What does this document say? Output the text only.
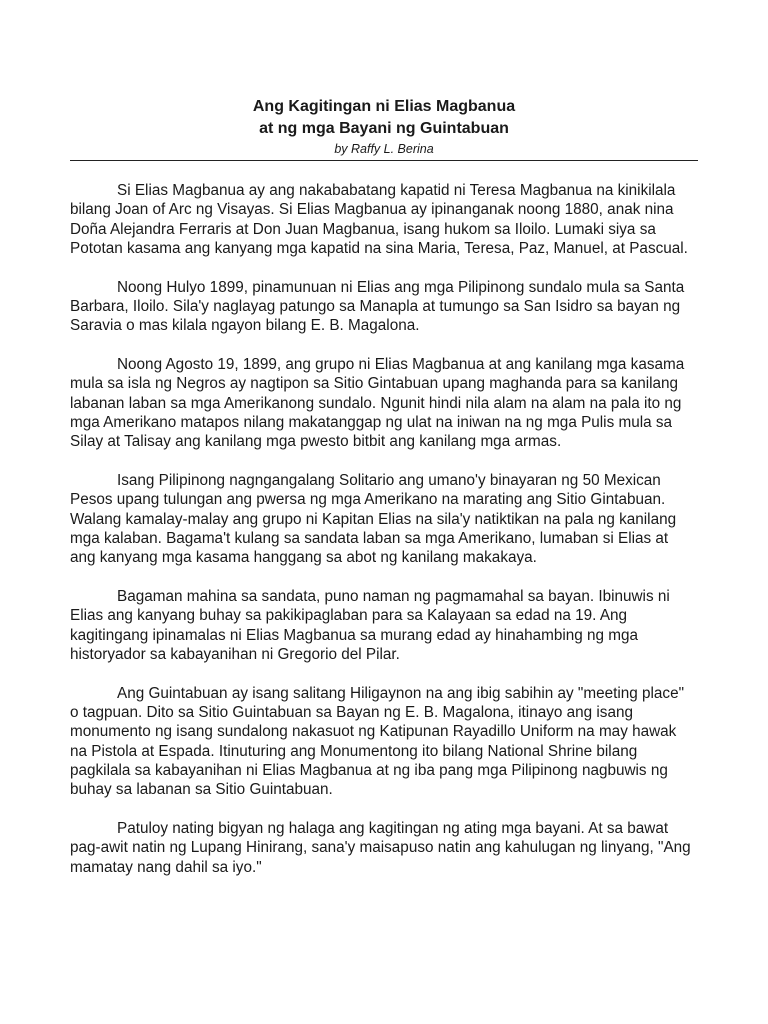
Ang Kagitingan ni Elias Magbanua
at ng mga Bayani ng Guintabuan

by Raffy L. Berina

Si Elias Magbanua ay ang nakababatang kapatid ni Teresa Magbanua na kinikilala
bilang Joan of Arc ng Visayas. Si Elias Magbanua ay ipinanganak noong 1880, anak nina
Doña Alejandra Ferraris at Don Juan Magbanua, isang hukom sa Iloilo. Lumaki siya sa
Pototan kasama ang kanyang mga kapatid na sina Maria, Teresa, Paz, Manuel, at Pascual.

Noong Hulyo 1899, pinamunuan ni Elias ang mga Pilipinong sundalo mula sa Santa
Barbara, Iloilo. Sila'y naglayag patungo sa Manapla at tumungo sa San Isidro sa bayan ng
Saravia o mas kilala ngayon bilang E. B. Magalona.

Noong Agosto 19, 1899, ang grupo ni Elias Magbanua at ang kanilang mga kasama
mula sa isla ng Negros ay nagtipon sa Sitio Gintabuan upang maghanda para sa kanilang
labanan laban sa mga Amerikanong sundalo. Ngunit hindi nila alam na alam na pala ito ng
mga Amerikano matapos nilang makatanggap ng ulat na iniwan na ng mga Pulis mula sa
Silay at Talisay ang kanilang mga pwesto bitbit ang kanilang mga armas.

Isang Pilipinong nagngangalang Solitario ang umano'y binayaran ng 50 Mexican
Pesos upang tulungan ang pwersa ng mga Amerikano na marating ang Sitio Gintabuan.
Walang kamalay-malay ang grupo ni Kapitan Elias na sila'y natiktikan na pala ng kanilang
mga kalaban. Bagama't kulang sa sandata laban sa mga Amerikano, lumaban si Elias at
ang kanyang mga kasama hanggang sa abot ng kanilang makakaya.

Bagaman mahina sa sandata, puno naman ng pagmamahal sa bayan. Ibinuwis ni
Elias ang kanyang buhay sa pakikipaglaban para sa Kalayaan sa edad na 19. Ang
kagitingang ipinamalas ni Elias Magbanua sa murang edad ay hinahambing ng mga
historyador sa kabayanihan ni Gregorio del Pilar.

Ang Guintabuan ay isang salitang Hiligaynon na ang ibig sabihin ay "meeting place"
o tagpuan. Dito sa Sitio Guintabuan sa Bayan ng E. B. Magalona, itinayo ang isang
monumento ng isang sundalong nakasuot ng Katipunan Rayadillo Uniform na may hawak
na Pistola at Espada. Itinuturing ang Monumentong ito bilang National Shrine bilang
pagkilala sa kabayanihan ni Elias Magbanua at ng iba pang mga Pilipinong nagbuwis ng
buhay sa labanan sa Sitio Guintabuan.

Patuloy nating bigyan ng halaga ang kagitingan ng ating mga bayani. At sa bawat
pag-awit natin ng Lupang Hinirang, sana'y maisapuso natin ang kahulugan ng linyang, "Ang
mamatay nang dahil sa iyo."
